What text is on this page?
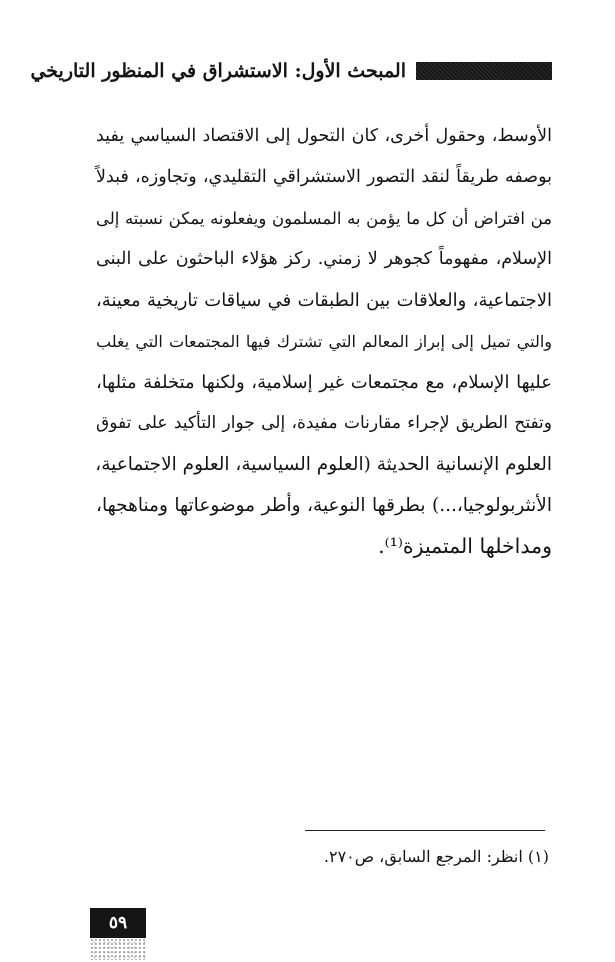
المبحث الأول: الاستشراق في المنظور التاريخي
الأوسط، وحقول أخرى، كان التحول إلى الاقتصاد السياسي يفيد
بوصفه طريقاً لنقد التصور الاستشراقي التقليدي، وتجاوزه، فبدلاً
من افتراض أن كل ما يؤمن به المسلمون ويفعلونه يمكن نسبته إلى
الإسلام، مفهوماً كجوهر لا زمني. ركز هؤلاء الباحثون على البنى
الاجتماعية، والعلاقات بين الطبقات في سياقات تاريخية معينة،
والتي تميل إلى إبراز المعالم التي تشترك فيها المجتمعات التي يغلب
عليها الإسلام، مع مجتمعات غير إسلامية، ولكنها متخلفة مثلها،
وتفتح الطريق لإجراء مقارنات مفيدة، إلى جوار التأكيد على تفوق
العلوم الإنسانية الحديثة (العلوم السياسية، العلوم الاجتماعية،
الأنثربولوجيا،...) بطرقها النوعية، وأطر موضوعاتها ومناهجها،
ومداخلها المتميزة⁽¹⁾.
(١) انظر: المرجع السابق، ص٢٧٠.
٥٩
